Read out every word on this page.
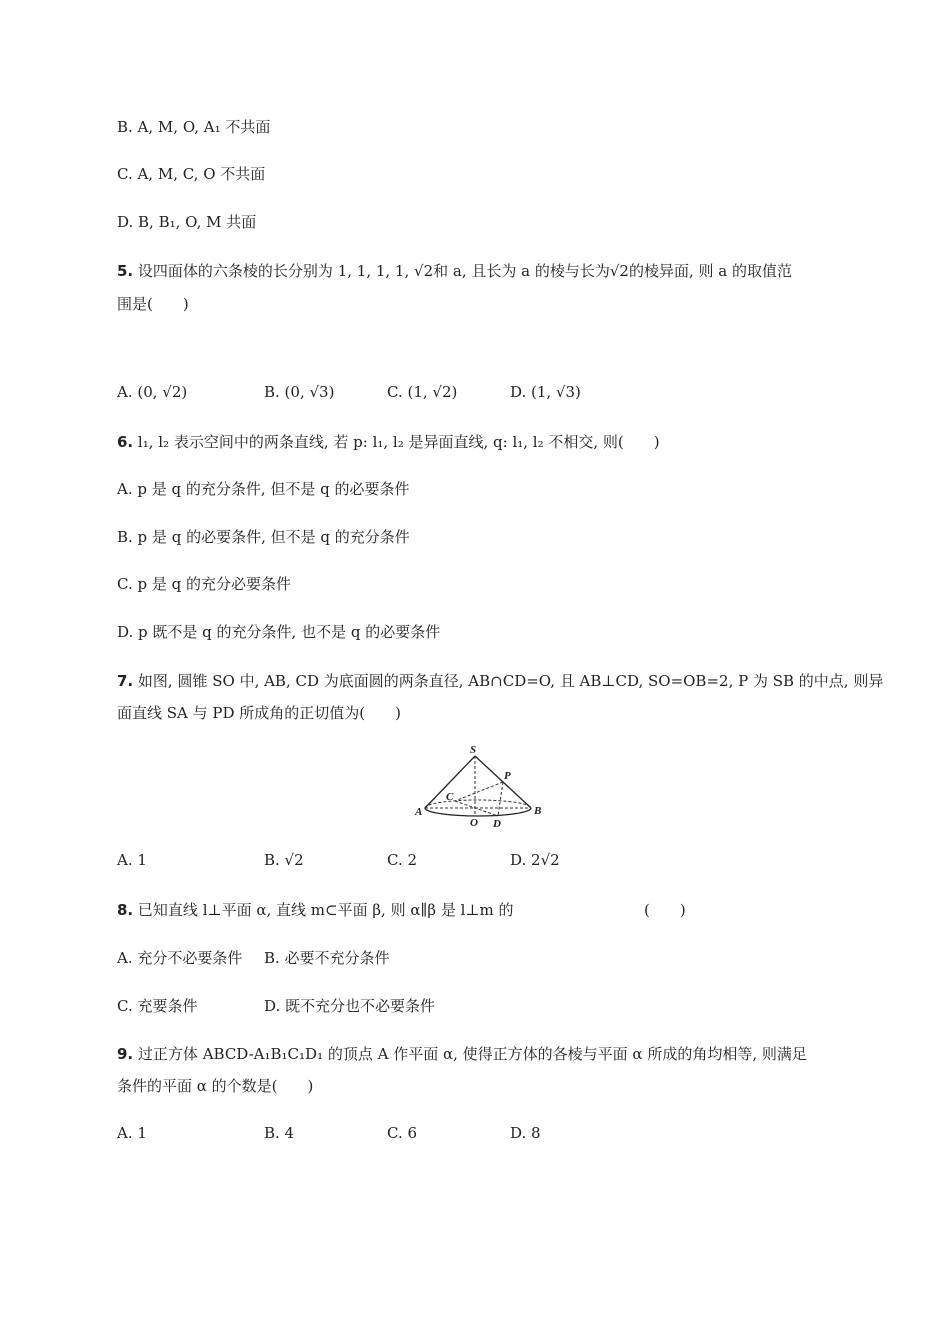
B. A, M, O, A₁ 不共面
C. A, M, C, O 不共面
D. B, B₁, O, M 共面
5. 设四面体的六条棱的长分别为 1, 1, 1, 1, √2和 a, 且长为 a 的棱与长为√2的棱异面, 则 a 的取值范
围是(　　)
A. (0, √2)	B. (0, √3)	C. (1, √2)	D. (1, √3)
6. l₁, l₂ 表示空间中的两条直线, 若 p: l₁, l₂ 是异面直线, q: l₁, l₂ 不相交, 则(　　)
A. p 是 q 的充分条件, 但不是 q 的必要条件
B. p 是 q 的必要条件, 但不是 q 的充分条件
C. p 是 q 的充分必要条件
D. p 既不是 q 的充分条件, 也不是 q 的必要条件
7. 如图, 圆锥 SO 中, AB, CD 为底面圆的两条直径, AB∩CD=O, 且 AB⊥CD, SO=OB=2, P 为 SB 的中点, 则异
面直线 SA 与 PD 所成角的正切值为(　　)
S
P
C
A	B
O D
A. 1	B. √2	C. 2	D. 2√2
8. 已知直线 l⊥平面 α, 直线 m⊂平面 β, 则 α∥β 是 l⊥m 的	(　　)
A. 充分不必要条件 B. 必要不充分条件
C. 充要条件	D. 既不充分也不必要条件
9. 过正方体 ABCD-A₁B₁C₁D₁ 的顶点 A 作平面 α, 使得正方体的各棱与平面 α 所成的角均相等, 则满足
条件的平面 α 的个数是(　　)
A. 1	B. 4	C. 6	D. 8
